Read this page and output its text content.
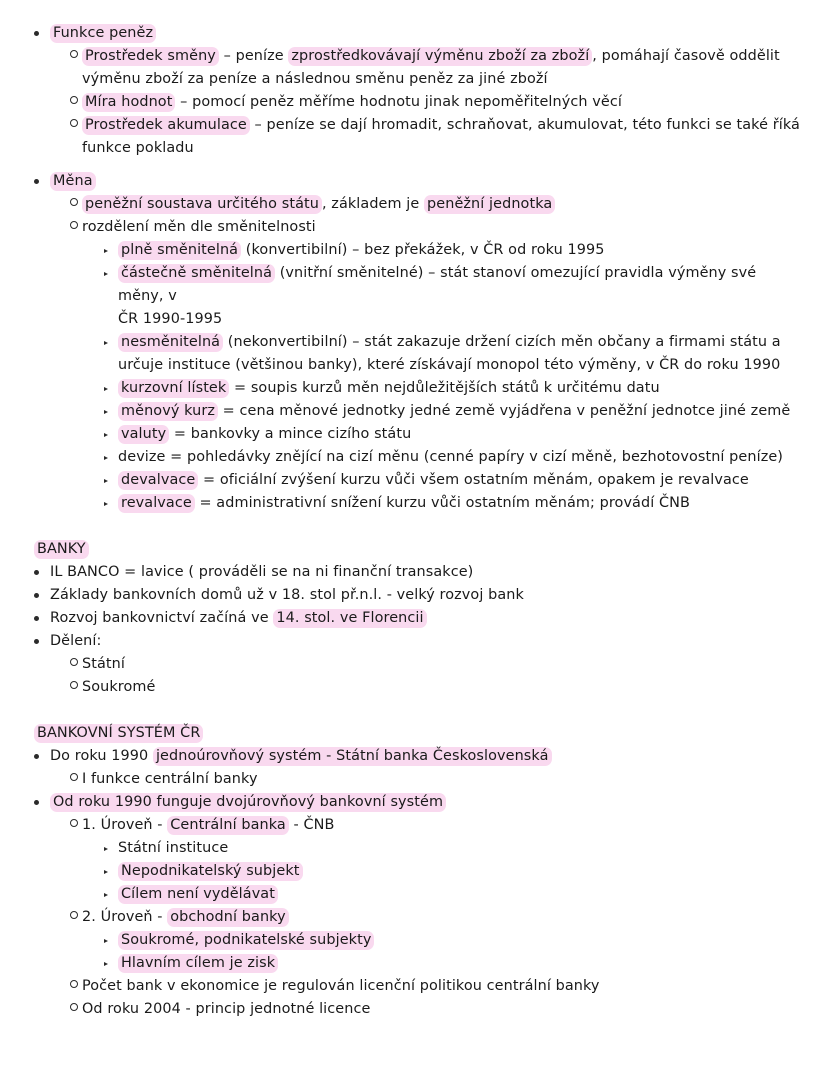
Funkce peněz
Prostředek směny – peníze zprostředkovávají výměnu zboží za zboží , pomáhají časově oddělit
výměnu zboží za peníze a následnou směnu peněz za jiné zboží
Míra hodnot – pomocí peněz měříme hodnotu jinak nepoměřitelných věcí
Prostředek akumulace – peníze se dají hromadit, schraňovat, akumulovat, této funkci se také říká
funkce pokladu
Měna
peněžní soustava určitého státu , základem je peněžní jednotka
rozdělení měn dle směnitelnosti
plně směnitelná (konvertibilní) – bez překážek, v ČR od roku 1995
částečně směnitelná (vnitřní směnitelné) – stát stanoví omezující pravidla výměny své měny, v
ČR 1990-1995
nesměnitelná (nekonvertibilní) – stát zakazuje držení cizích měn občany a firmami státu a
určuje instituce (většinou banky), které získávají monopol této výměny, v ČR do roku 1990
kurzovní lístek = soupis kurzů měn nejdůležitějších států k určitému datu
měnový kurz = cena měnové jednotky jedné země vyjádřena v peněžní jednotce jiné země
valuty = bankovky a mince cizího státu
devize = pohledávky znějící na cizí měnu (cenné papíry v cizí měně, bezhotovostní peníze)
devalvace = oficiální zvýšení kurzu vůči všem ostatním měnám, opakem je revalvace
revalvace = administrativní snížení kurzu vůči ostatním měnám; provádí ČNB
BANKY
IL BANCO = lavice ( prováděli se na ni finanční transakce)
Základy bankovních domů už v 18. stol př.n.l. - velký rozvoj bank
Rozvoj bankovnictví začíná ve 14. stol. ve Florencii
Dělení:
Státní
Soukromé
BANKOVNÍ SYSTÉM ČR
Do roku 1990 jednoúrovňový systém - Státní banka Československá
I funkce centrální banky
Od roku 1990 funguje dvojúrovňový bankovní systém
1. Úroveň - Centrální banka - ČNB
Státní instituce
Nepodnikatelský subjekt
Cílem není vydělávat
2. Úroveň - obchodní banky
Soukromé, podnikatelské subjekty
Hlavním cílem je zisk
Počet bank v ekonomice je regulován licenční politikou centrální banky
Od roku 2004 - princip jednotné licence
